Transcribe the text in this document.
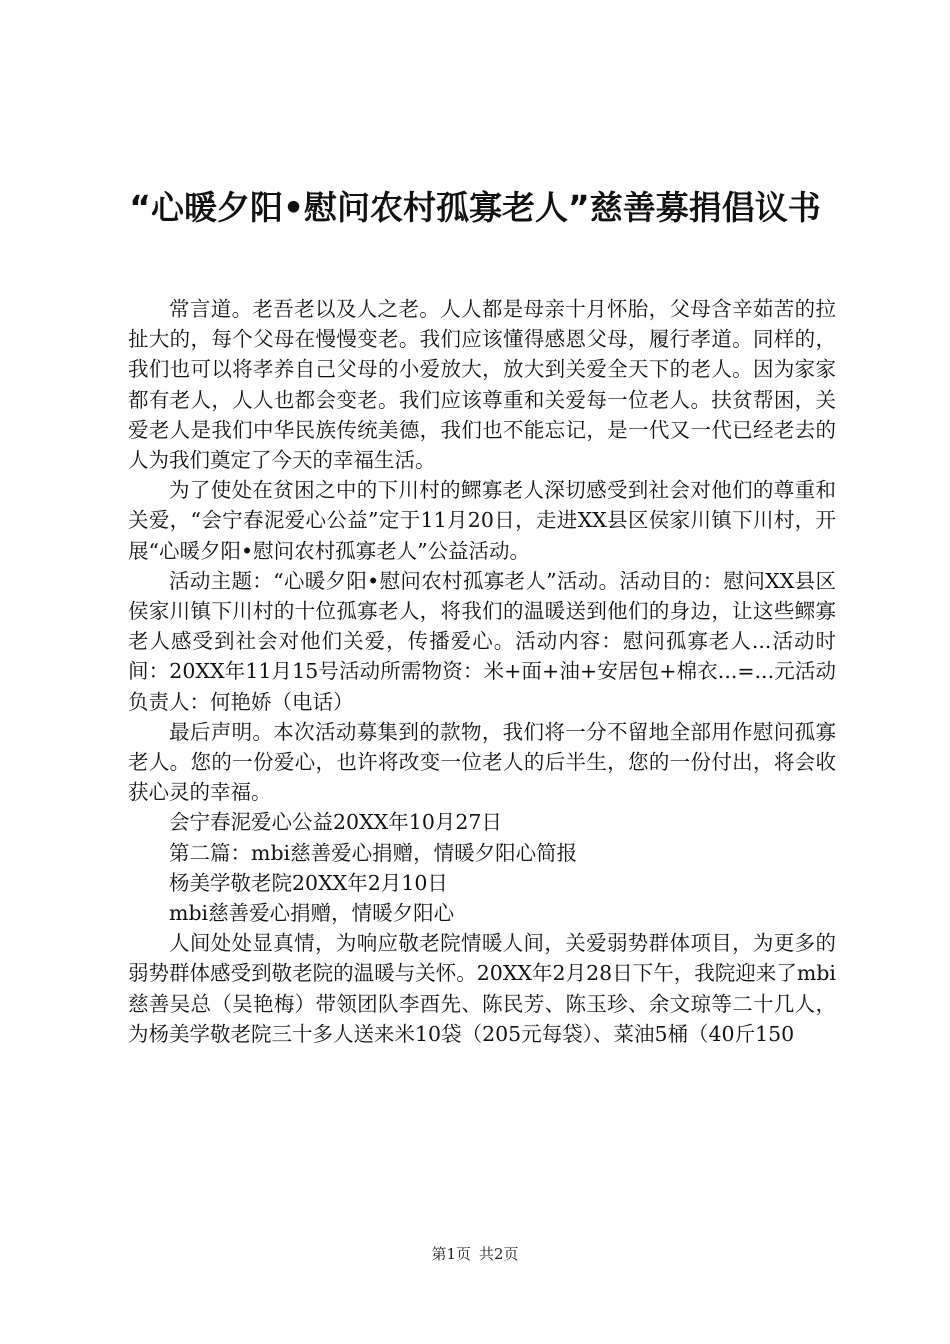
“心暖夕阳•慰问农村孤寡老人”慈善募捐倡议书

常言道。老吾老以及人之老。人人都是母亲十月怀胎，父母含辛茹苦的拉扯大的，每个父母在慢慢变老。我们应该懂得感恩父母，履行孝道。同样的，我们也可以将孝养自己父母的小爱放大，放大到关爱全天下的老人。因为家家都有老人，人人也都会变老。我们应该尊重和关爱每一位老人。扶贫帮困，关爱老人是我们中华民族传统美德，我们也不能忘记，是一代又一代已经老去的人为我们奠定了今天的幸福生活。

为了使处在贫困之中的下川村的鳏寡老人深切感受到社会对他们的尊重和关爱，“会宁春泥爱心公益”定于11月20日，走进XX县区侯家川镇下川村，开展“心暖夕阳•慰问农村孤寡老人”公益活动。

活动主题：“心暖夕阳•慰问农村孤寡老人”活动。活动目的：慰问XX县区侯家川镇下川村的十位孤寡老人，将我们的温暖送到他们的身边，让这些鳏寡老人感受到社会对他们关爱，传播爱心。活动内容：慰问孤寡老人...活动时间：20XX年11月15号活动所需物资：米+面+油+安居包+棉衣...=...元活动负责人：何艳娇（电话）

最后声明。本次活动募集到的款物，我们将一分不留地全部用作慰问孤寡老人。您的一份爱心，也许将改变一位老人的后半生，您的一份付出，将会收获心灵的幸福。

会宁春泥爱心公益20XX年10月27日

第二篇：mbi慈善爱心捐赠，情暖夕阳心简报

杨美学敬老院20XX年2月10日

mbi慈善爱心捐赠，情暖夕阳心

人间处处显真情，为响应敬老院情暖人间，关爱弱势群体项目，为更多的弱势群体感受到敬老院的温暖与关怀。20XX年2月28日下午，我院迎来了mbi慈善吴总（吴艳梅）带领团队李酉先、陈民芳、陈玉珍、余文琼等二十几人，为杨美学敬老院三十多人送来米10袋（205元每袋）、菜油5桶（40斤150

第1页 共2页
